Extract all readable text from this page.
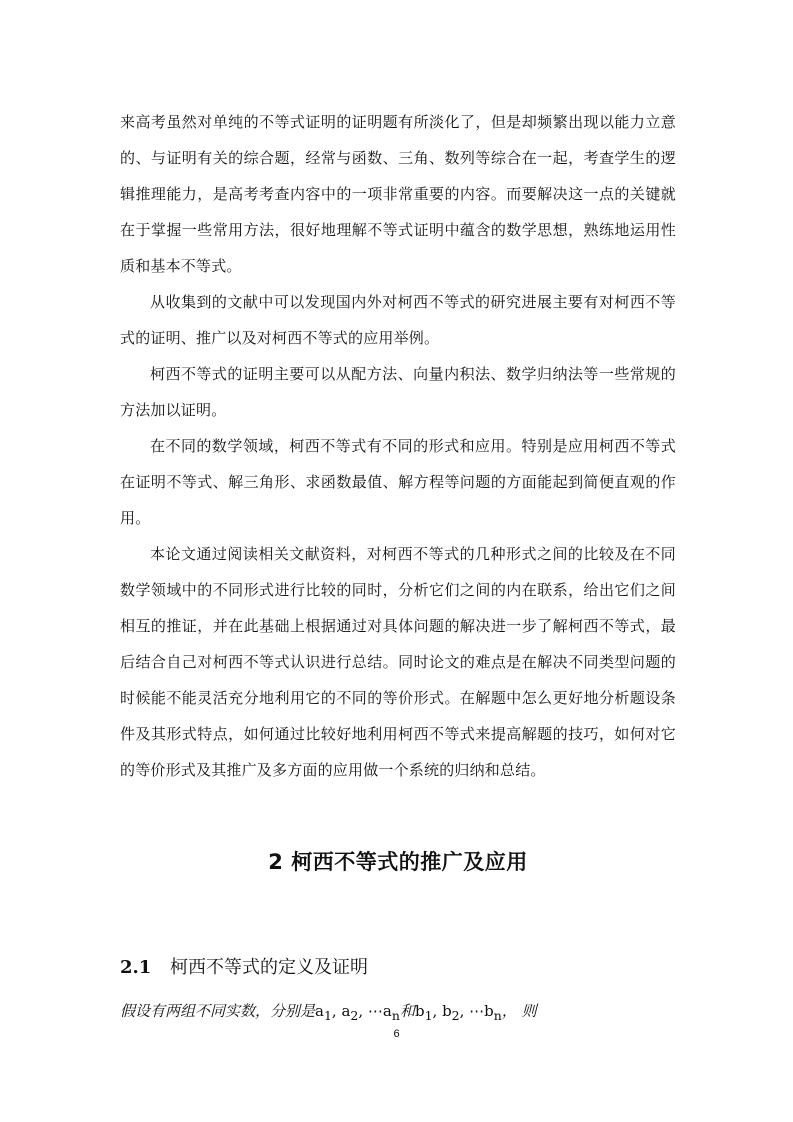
来高考虽然对单纯的不等式证明的证明题有所淡化了，但是却频繁出现以能力立意的、与证明有关的综合题，经常与函数、三角、数列等综合在一起，考查学生的逻辑推理能力，是高考考查内容中的一项非常重要的内容。而要解决这一点的关键就在于掌握一些常用方法，很好地理解不等式证明中蕴含的数学思想，熟练地运用性质和基本不等式。

从收集到的文献中可以发现国内外对柯西不等式的研究进展主要有对柯西不等式的证明、推广以及对柯西不等式的应用举例。

柯西不等式的证明主要可以从配方法、向量内积法、数学归纳法等一些常规的方法加以证明。

在不同的数学领域，柯西不等式有不同的形式和应用。特别是应用柯西不等式在证明不等式、解三角形、求函数最值、解方程等问题的方面能起到简便直观的作用。

本论文通过阅读相关文献资料，对柯西不等式的几种形式之间的比较及在不同数学领域中的不同形式进行比较的同时，分析它们之间的内在联系，给出它们之间相互的推证，并在此基础上根据通过对具体问题的解决进一步了解柯西不等式，最后结合自己对柯西不等式认识进行总结。同时论文的难点是在解决不同类型问题的时候能不能灵活充分地利用它的不同的等价形式。在解题中怎么更好地分析题设条件及其形式特点，如何通过比较好地利用柯西不等式来提高解题的技巧，如何对它的等价形式及其推广及多方面的应用做一个系统的归纳和总结。

2 柯西不等式的推广及应用
2.1 柯西不等式的定义及证明

假设有两组不同实数，分别是$a_1$, $a_2$, $\cdots a_n$和$b_1$, $b_2$, $\cdots b_n$， 则

6
